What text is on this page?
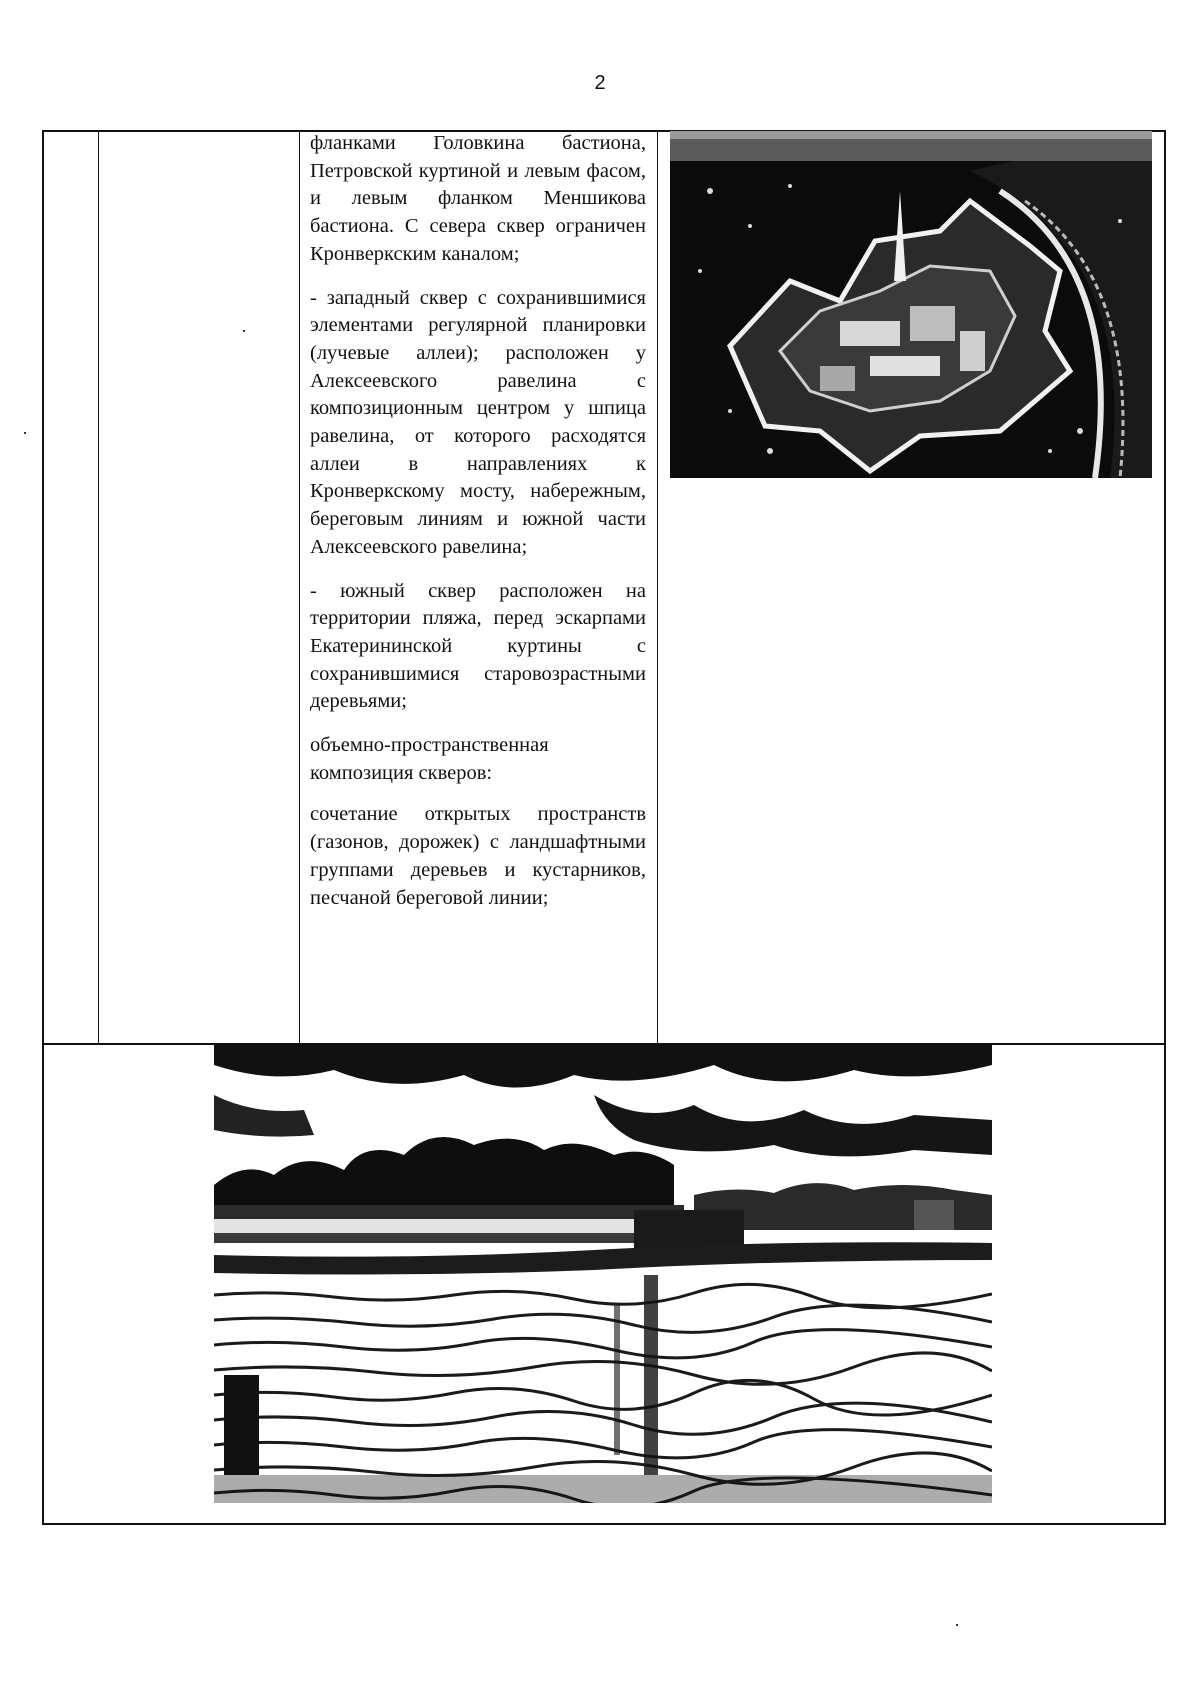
2

фланками Головкина бастиона, Петровской куртиной и левым фасом, и левым фланком Меншикова бастиона. С севера сквер ограничен Кронверкским каналом;

- западный сквер с сохранившимися элементами регулярной планировки (лучевые аллеи); расположен у Алексеевского равелина с композиционным центром у шпица равелина, от которого расходятся аллеи в направлениях к Кронверкскому мосту, набережным, береговым линиям и южной части Алексеевского равелина;

- южный сквер расположен на территории пляжа, перед эскарпами Екатерининской куртины с сохранившимися старовозрастными деревьями;

объемно-пространственная композиция скверов:

сочетание открытых пространств (газонов, дорожек) с ландшафтными группами деревьев и кустарников, песчаной береговой линии;
